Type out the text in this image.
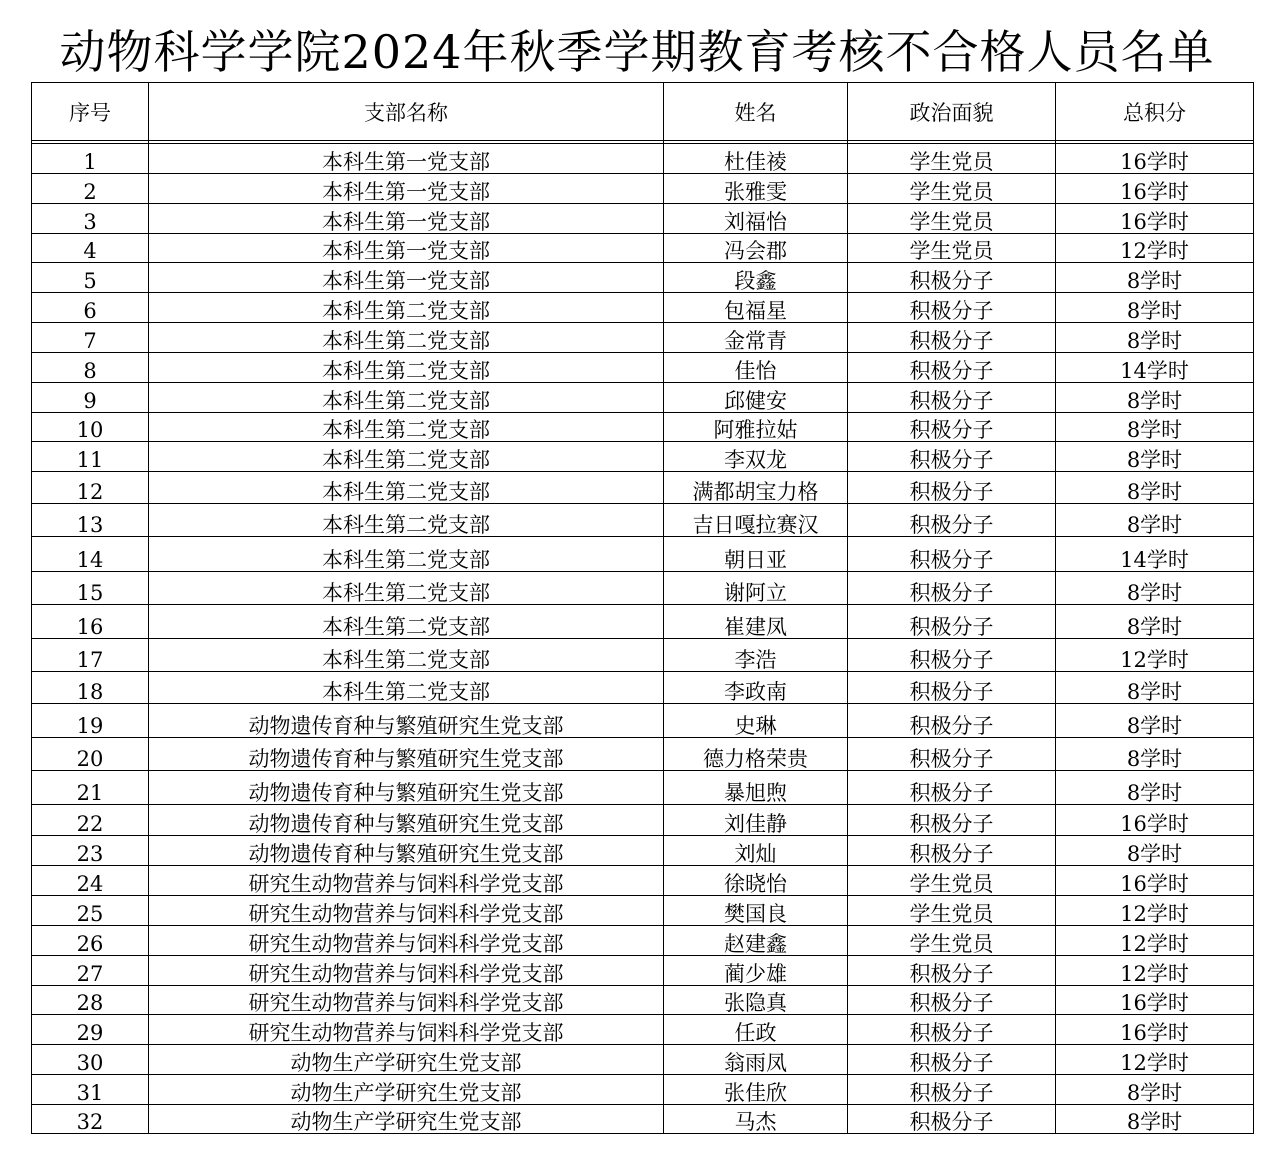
动物科学学院2024年秋季学期教育考核不合格人员名单
序号	支部名称	姓名	政治面貌	总积分

1	本科生第一党支部	杜佳祾	学生党员	16学时
2	本科生第一党支部	张雅雯	学生党员	16学时
3	本科生第一党支部	刘福怡	学生党员	16学时
4	本科生第一党支部	冯会郡	学生党员	12学时
5	本科生第一党支部	段鑫	积极分子	8学时
6	本科生第二党支部	包福星	积极分子	8学时
7	本科生第二党支部	金常青	积极分子	8学时
8	本科生第二党支部	佳怡	积极分子	14学时
9	本科生第二党支部	邱健安	积极分子	8学时
10	本科生第二党支部	阿雅拉姑	积极分子	8学时
11	本科生第二党支部	李双龙	积极分子	8学时
12	本科生第二党支部	满都胡宝力格	积极分子	8学时
13	本科生第二党支部	吉日嘎拉赛汉	积极分子	8学时
14	本科生第二党支部	朝日亚	积极分子	14学时
15	本科生第二党支部	谢阿立	积极分子	8学时
16	本科生第二党支部	崔建凤	积极分子	8学时
17	本科生第二党支部	李浩	积极分子	12学时
18	本科生第二党支部	李政南	积极分子	8学时
19	动物遗传育种与繁殖研究生党支部	史琳	积极分子	8学时
20	动物遗传育种与繁殖研究生党支部	德力格荣贵	积极分子	8学时
21	动物遗传育种与繁殖研究生党支部	暴旭煦	积极分子	8学时
22	动物遗传育种与繁殖研究生党支部	刘佳静	积极分子	16学时
23	动物遗传育种与繁殖研究生党支部	刘灿	积极分子	8学时
24	研究生动物营养与饲料科学党支部	徐晓怡	学生党员	16学时
25	研究生动物营养与饲料科学党支部	樊国良	学生党员	12学时
26	研究生动物营养与饲料科学党支部	赵建鑫	学生党员	12学时
27	研究生动物营养与饲料科学党支部	蔺少雄	积极分子	12学时
28	研究生动物营养与饲料科学党支部	张隐真	积极分子	16学时
29	研究生动物营养与饲料科学党支部	任政	积极分子	16学时
30	动物生产学研究生党支部	翁雨凤	积极分子	12学时
31	动物生产学研究生党支部	张佳欣	积极分子	8学时
32	动物生产学研究生党支部	马杰	积极分子	8学时
